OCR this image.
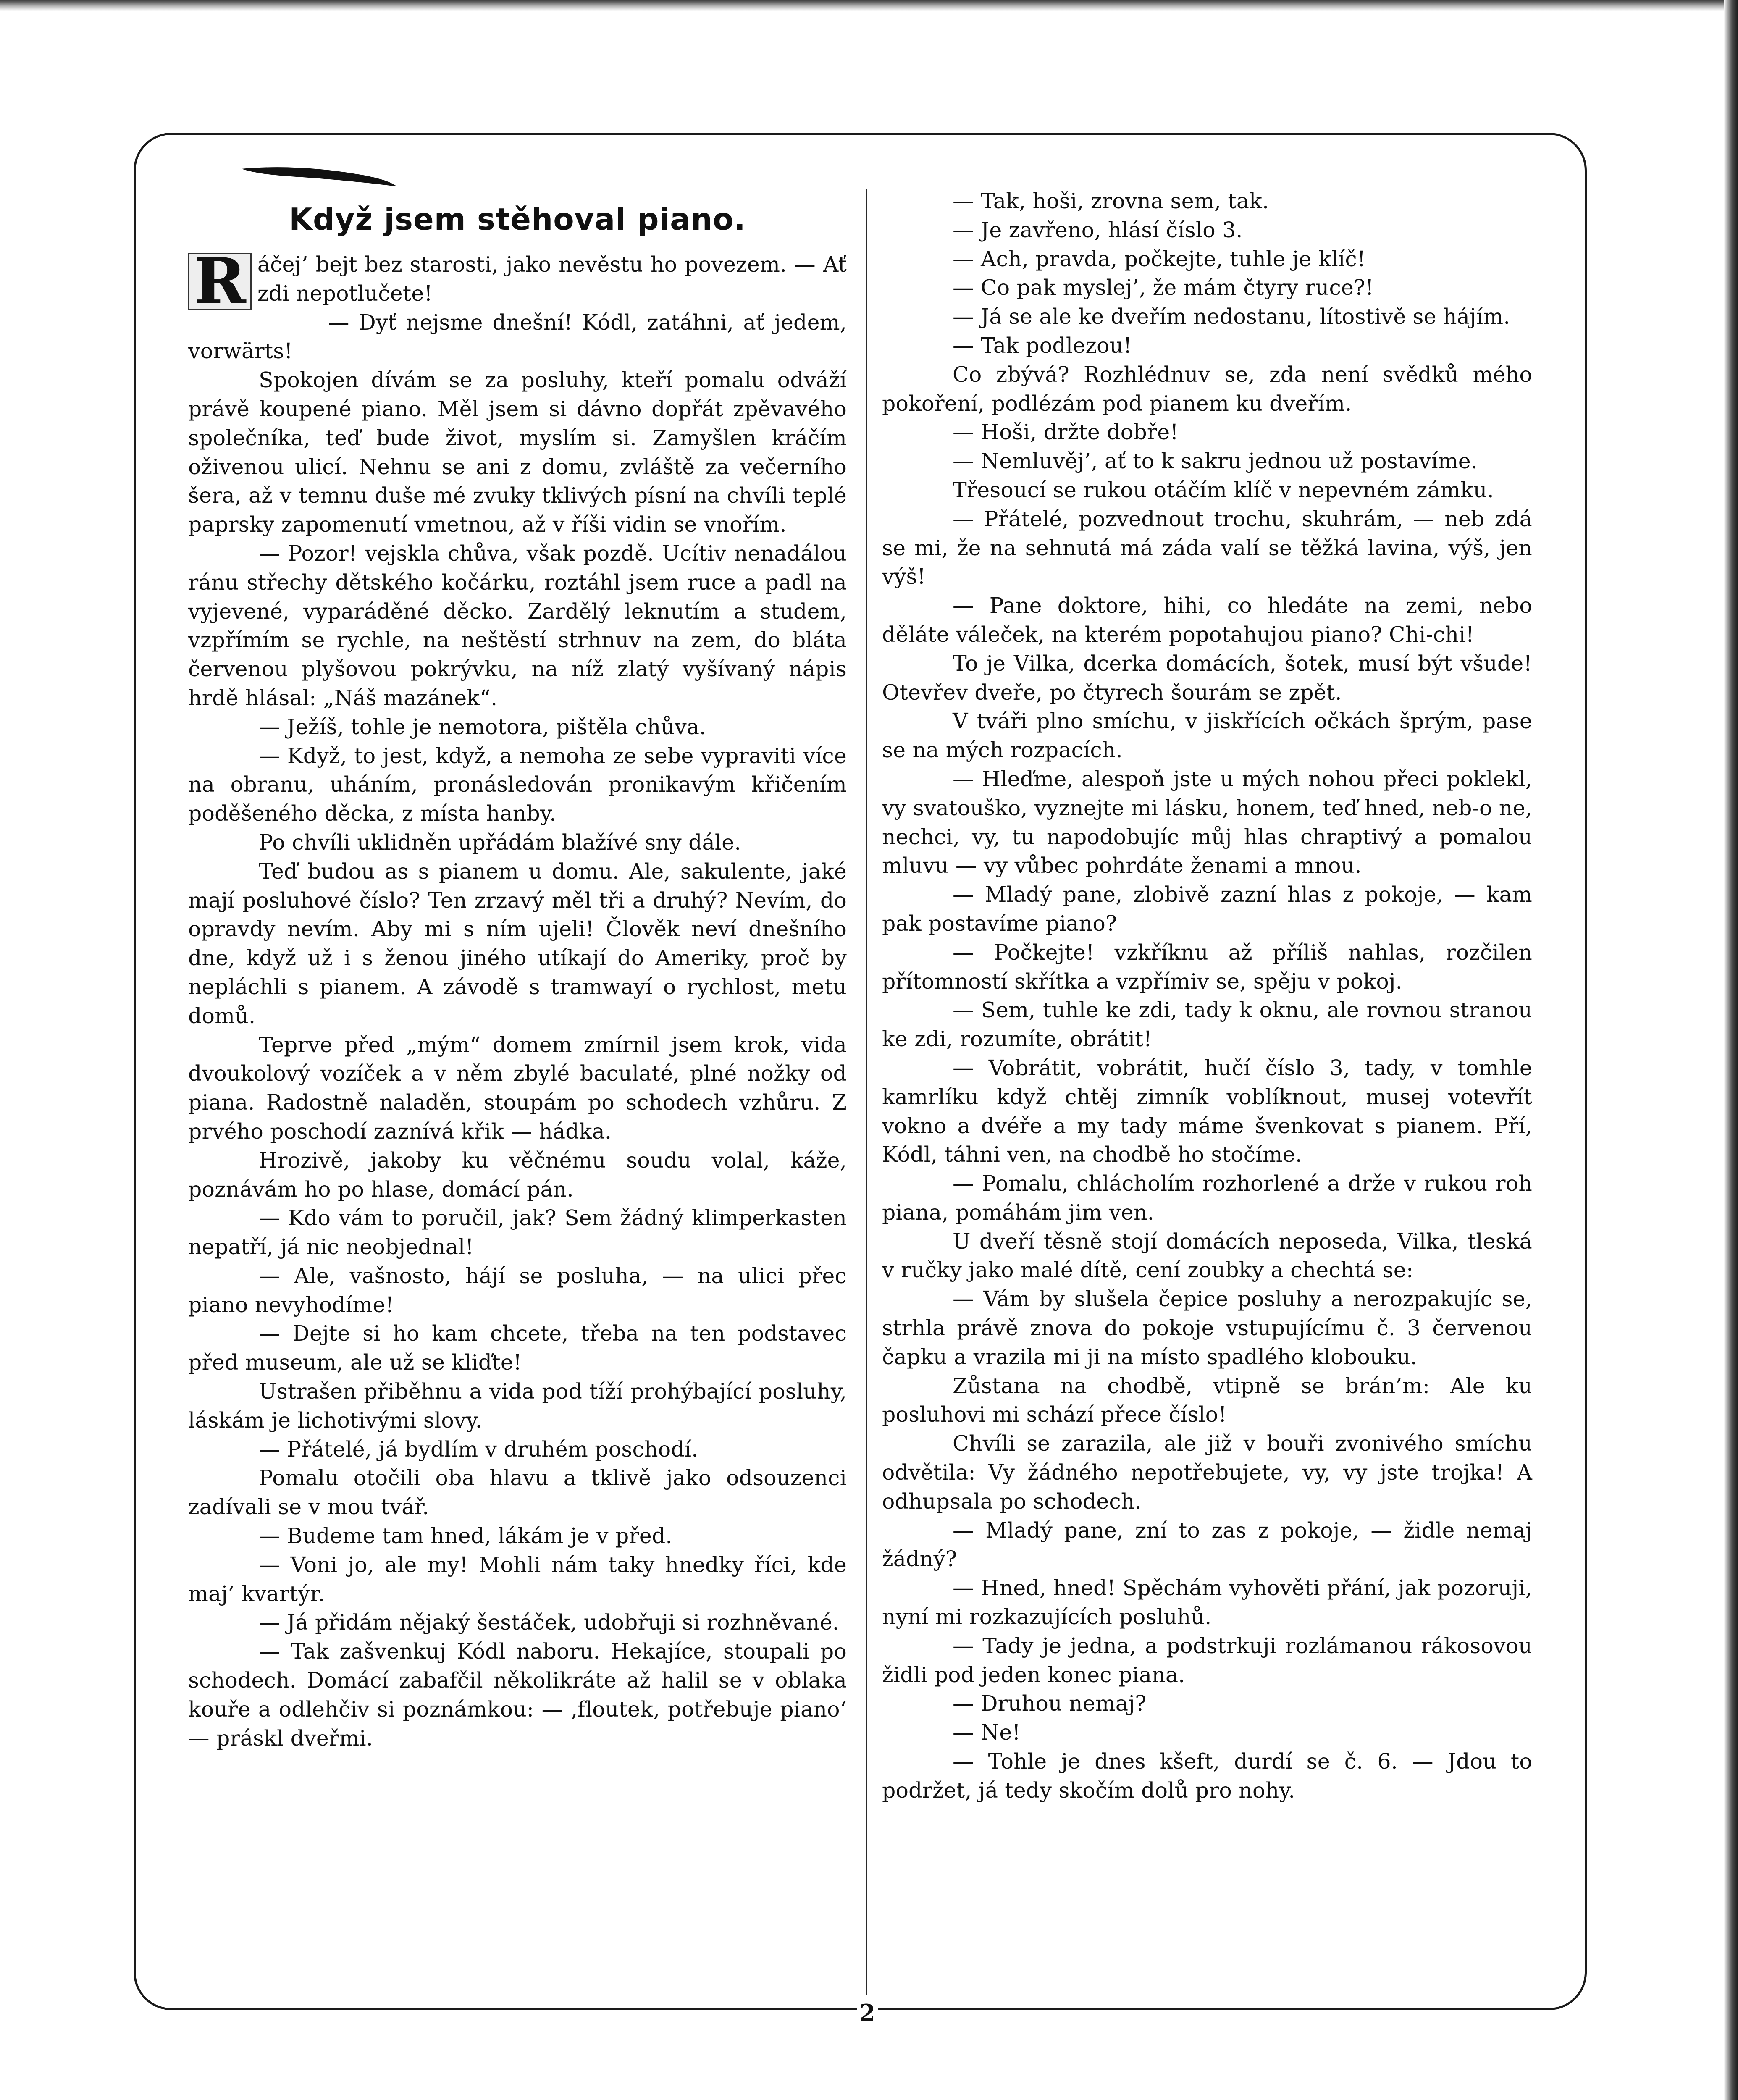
Když jsem stěhoval piano.

R áčej’ bejt bez starosti, jako nevěstu ho povezem. — Ať zdi nepotlučete!

— Dyť nejsme dnešní! Kódl, zatáhni, ať jedem, vorwärts!

Spokojen dívám se za posluhy, kteří pomalu odváží právě koupené piano. Měl jsem si dávno dopřát zpěvavého společníka, teď bude život, myslím si. Zamyšlen kráčím oživenou ulicí. Nehnu se ani z domu, zvláště za večerního šera, až v temnu duše mé zvuky tklivých písní na chvíli teplé paprsky zapomenutí vmetnou, až v říši vidin se vnořím.

— Pozor! vejskla chůva, však pozdě. Ucítiv nenadálou ránu střechy dětského kočárku, roztáhl jsem ruce a padl na vyjevené, vyparáděné děcko. Zardělý leknutím a studem, vzpřímím se rychle, na neštěstí strhnuv na zem, do bláta červenou plyšovou pokrývku, na níž zlatý vyšívaný nápis hrdě hlásal: „Náš mazánek“.

— Ježíš, tohle je nemotora, pištěla chůva.

— Když, to jest, když, a nemoha ze sebe vypraviti více na obranu, uháním, pronásledován pronikavým křičením poděšeného děcka, z místa hanby.

Po chvíli uklidněn upřádám blažívé sny dále.

Teď budou as s pianem u domu. Ale, sakulente, jaké mají posluhové číslo? Ten zrzavý měl tři a druhý? Nevím, do opravdy nevím. Aby mi s ním ujeli! Člověk neví dnešního dne, když už i s ženou jiného utíkají do Ameriky, proč by nepláchli s pianem. A závodě s tramwayí o rychlost, metu domů.

Teprve před „mým“ domem zmírnil jsem krok, vida dvoukolový vozíček a v něm zbylé baculaté, plné nožky od piana. Radostně naladěn, stoupám po schodech vzhůru. Z prvého poschodí zaznívá křik — hádka.

Hrozivě, jakoby ku věčnému soudu volal, káže, poznávám ho po hlase, domácí pán.

— Kdo vám to poručil, jak? Sem žádný klimperkasten nepatří, já nic neobjednal!

— Ale, vašnosto, hájí se posluha, — na ulici přec piano nevyhodíme!

— Dejte si ho kam chcete, třeba na ten podstavec před museum, ale už se kliďte!

Ustrašen přiběhnu a vida pod tíží prohýbající posluhy, láskám je lichotivými slovy.

— Přátelé, já bydlím v druhém poschodí.

Pomalu otočili oba hlavu a tklivě jako odsouzenci zadívali se v mou tvář.

— Budeme tam hned, lákám je v před.

— Voni jo, ale my! Mohli nám taky hnedky říci, kde maj’ kvartýr.

— Já přidám nějaký šestáček, udobřuji si rozhněvané.

— Tak zašvenkuj Kódl naboru. Hekajíce, stoupali po schodech. Domácí zabafčil několikráte až halil se v oblaka kouře a odlehčiv si poznámkou: — ‚floutek, potřebuje piano‘ — práskl dveřmi.

— Tak, hoši, zrovna sem, tak.

— Je zavřeno, hlásí číslo 3.

— Ach, pravda, počkejte, tuhle je klíč!

— Co pak myslej’, že mám čtyry ruce?!

— Já se ale ke dveřím nedostanu, lítostivě se hájím.

— Tak podlezou!

Co zbývá? Rozhlédnuv se, zda není svědků mého pokoření, podlézám pod pianem ku dveřím.

— Hoši, držte dobře!

— Nemluvěj’, ať to k sakru jednou už postavíme.

Třesoucí se rukou otáčím klíč v nepevném zámku.

— Přátelé, pozvednout trochu, skuhrám, — neb zdá se mi, že na sehnutá má záda valí se těžká lavina, výš, jen výš!

— Pane doktore, hihi, co hledáte na zemi, nebo děláte váleček, na kterém popotahujou piano? Chi-chi!

To je Vilka, dcerka domácích, šotek, musí být všude! Otevřev dveře, po čtyrech šourám se zpět.

V tváři plno smíchu, v jiskřících očkách šprým, pase se na mých rozpacích.

— Hleďme, alespoň jste u mých nohou přeci poklekl, vy svatouško, vyznejte mi lásku, honem, teď hned, neb-o ne, nechci, vy, tu napodobujíc můj hlas chraptivý a pomalou mluvu — vy vůbec pohrdáte ženami a mnou.

— Mladý pane, zlobivě zazní hlas z pokoje, — kam pak postavíme piano?

— Počkejte! vzkříknu až příliš nahlas, rozčilen přítomností skřítka a vzpřímiv se, spěju v pokoj.

— Sem, tuhle ke zdi, tady k oknu, ale rovnou stranou ke zdi, rozumíte, obrátit!

— Vobrátit, vobrátit, hučí číslo 3, tady, v tomhle kamrlíku když chtěj zimník voblíknout, musej votevřít vokno a dvéře a my tady máme švenkovat s pianem. Pří, Kódl, táhni ven, na chodbě ho stočíme.

— Pomalu, chlácholím rozhorlené a drže v rukou roh piana, pomáhám jim ven.

U dveří těsně stojí domácích neposeda, Vilka, tleská v ručky jako malé dítě, cení zoubky a chechtá se:

— Vám by slušela čepice posluhy a nerozpakujíc se, strhla právě znova do pokoje vstupujícímu č. 3 červenou čapku a vrazila mi ji na místo spadlého klobouku.

Zůstana na chodbě, vtipně se brán’m: Ale ku posluhovi mi schází přece číslo!

Chvíli se zarazila, ale již v bouři zvonivého smíchu odvětila: Vy žádného nepotřebujete, vy, vy jste trojka! A odhupsala po schodech.

— Mladý pane, zní to zas z pokoje, — židle nemaj žádný?

— Hned, hned! Spěchám vyhověti přání, jak pozoruji, nyní mi rozkazujících posluhů.

— Tady je jedna, a podstrkuji rozlámanou rákosovou židli pod jeden konec piana.

— Druhou nemaj?

— Ne!

— Tohle je dnes kšeft, durdí se č. 6. — Jdou to podržet, já tedy skočím dolů pro nohy.

2
